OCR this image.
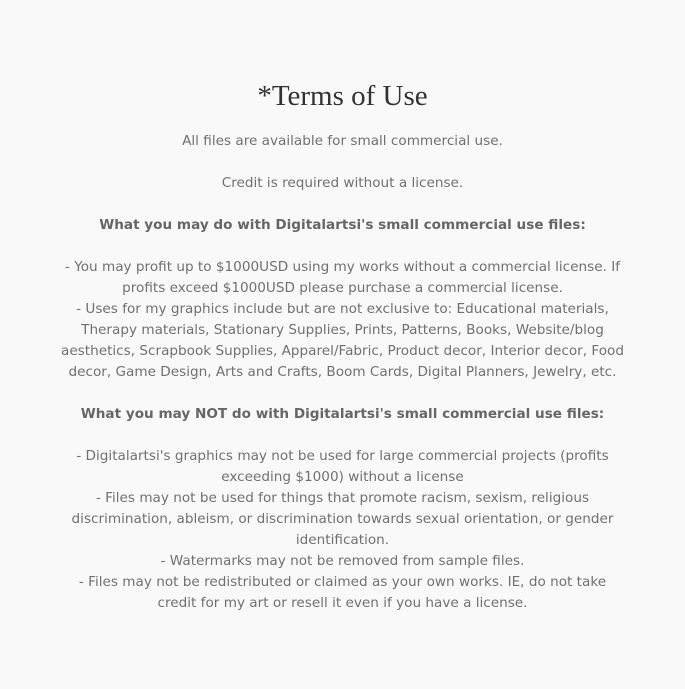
*Terms of Use

All files are available for small commercial use.

Credit is required without a license.

What you may do with Digitalartsi's small commercial use files:

- You may profit up to $1000USD using my works without a commercial license. If profits exceed $1000USD please purchase a commercial license.

- Uses for my graphics include but are not exclusive to: Educational materials, Therapy materials, Stationary Supplies, Prints, Patterns, Books, Website/blog aesthetics, Scrapbook Supplies, Apparel/Fabric, Product decor, Interior decor, Food decor, Game Design, Arts and Crafts, Boom Cards, Digital Planners, Jewelry, etc.

What you may NOT do with Digitalartsi's small commercial use files:

- Digitalartsi's graphics may not be used for large commercial projects (profits exceeding $1000) without a license

- Files may not be used for things that promote racism, sexism, religious discrimination, ableism, or discrimination towards sexual orientation, or gender identification.

- Watermarks may not be removed from sample files.

- Files may not be redistributed or claimed as your own works. IE, do not take credit for my art or resell it even if you have a license.
